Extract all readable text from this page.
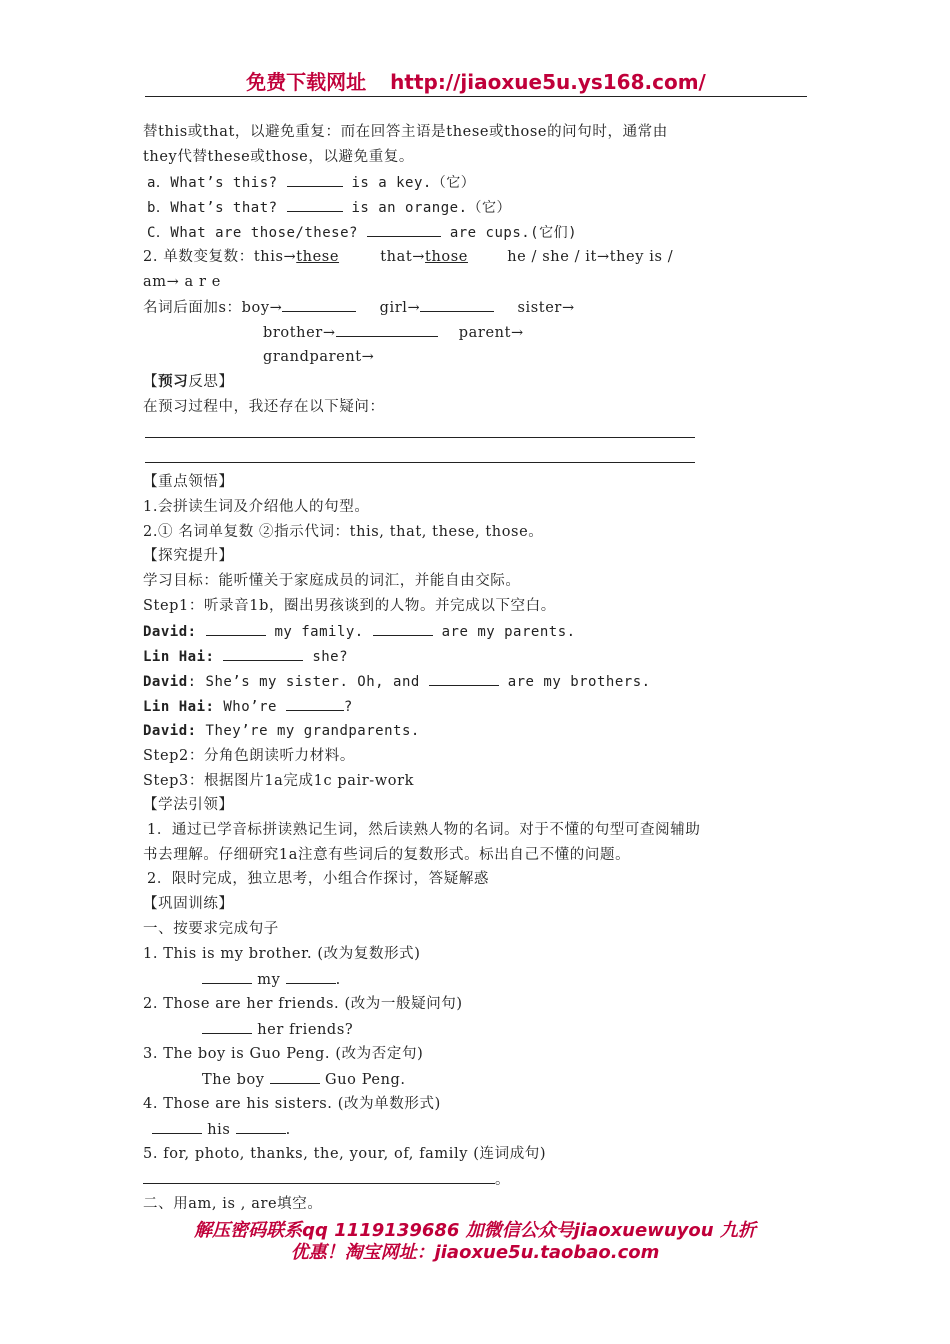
免费下载网址 http://jiaoxue5u.ys168.com/
替this或that，以避免重复：而在回答主语是these或those的问句时，通常由
they代替these或those，以避免重复。
a．What’s this?	is a key.（它）
b．What’s that?	is an orange.（它）
C．What are those/these?	are cups.(它们)
2. 单数变复数：this→these	that→those	he / she / it→they is /
am→ a r e
名词后面加s：boy→	girl→	sister→
brother→	parent→
grandparent→
【预习反思】
在预习过程中，我还存在以下疑问：
【重点领悟】
1.会拼读生词及介绍他人的句型。
2.① 名词单复数 ②指示代词：this, that, these, those。
【探究提升】
学习目标：能听懂关于家庭成员的词汇，并能自由交际。
Step1：听录音1b，圈出男孩谈到的人物。并完成以下空白。
David:	my family.	are my parents.
Lin Hai:	she?
David: She’s my sister. Oh, and	are my brothers.
Lin Hai: Who’re	?
David: They’re my grandparents.
Step2：分角色朗读听力材料。
Step3：根据图片1a完成1c pair-work
【学法引领】
1．通过已学音标拼读熟记生词，然后读熟人物的名词。对于不懂的句型可查阅辅助
书去理解。仔细研究1a注意有些词后的复数形式。标出自己不懂的问题。
2．限时完成，独立思考，小组合作探讨，答疑解惑
【巩固训练】
一、按要求完成句子
1. This is my brother. (改为复数形式)
my	.
2. Those are her friends. (改为一般疑问句)
her friends?
3. The boy is Guo Peng. (改为否定句)
The boy	Guo Peng.
4. Those are his sisters. (改为单数形式)
his	.
5. for, photo, thanks, the, your, of, family (连词成句)
。
二、用am, is , are填空。
解压密码联系qq 1119139686 加微信公众号jiaoxuewuyou 九折
优惠！淘宝网址：jiaoxue5u.taobao.com
